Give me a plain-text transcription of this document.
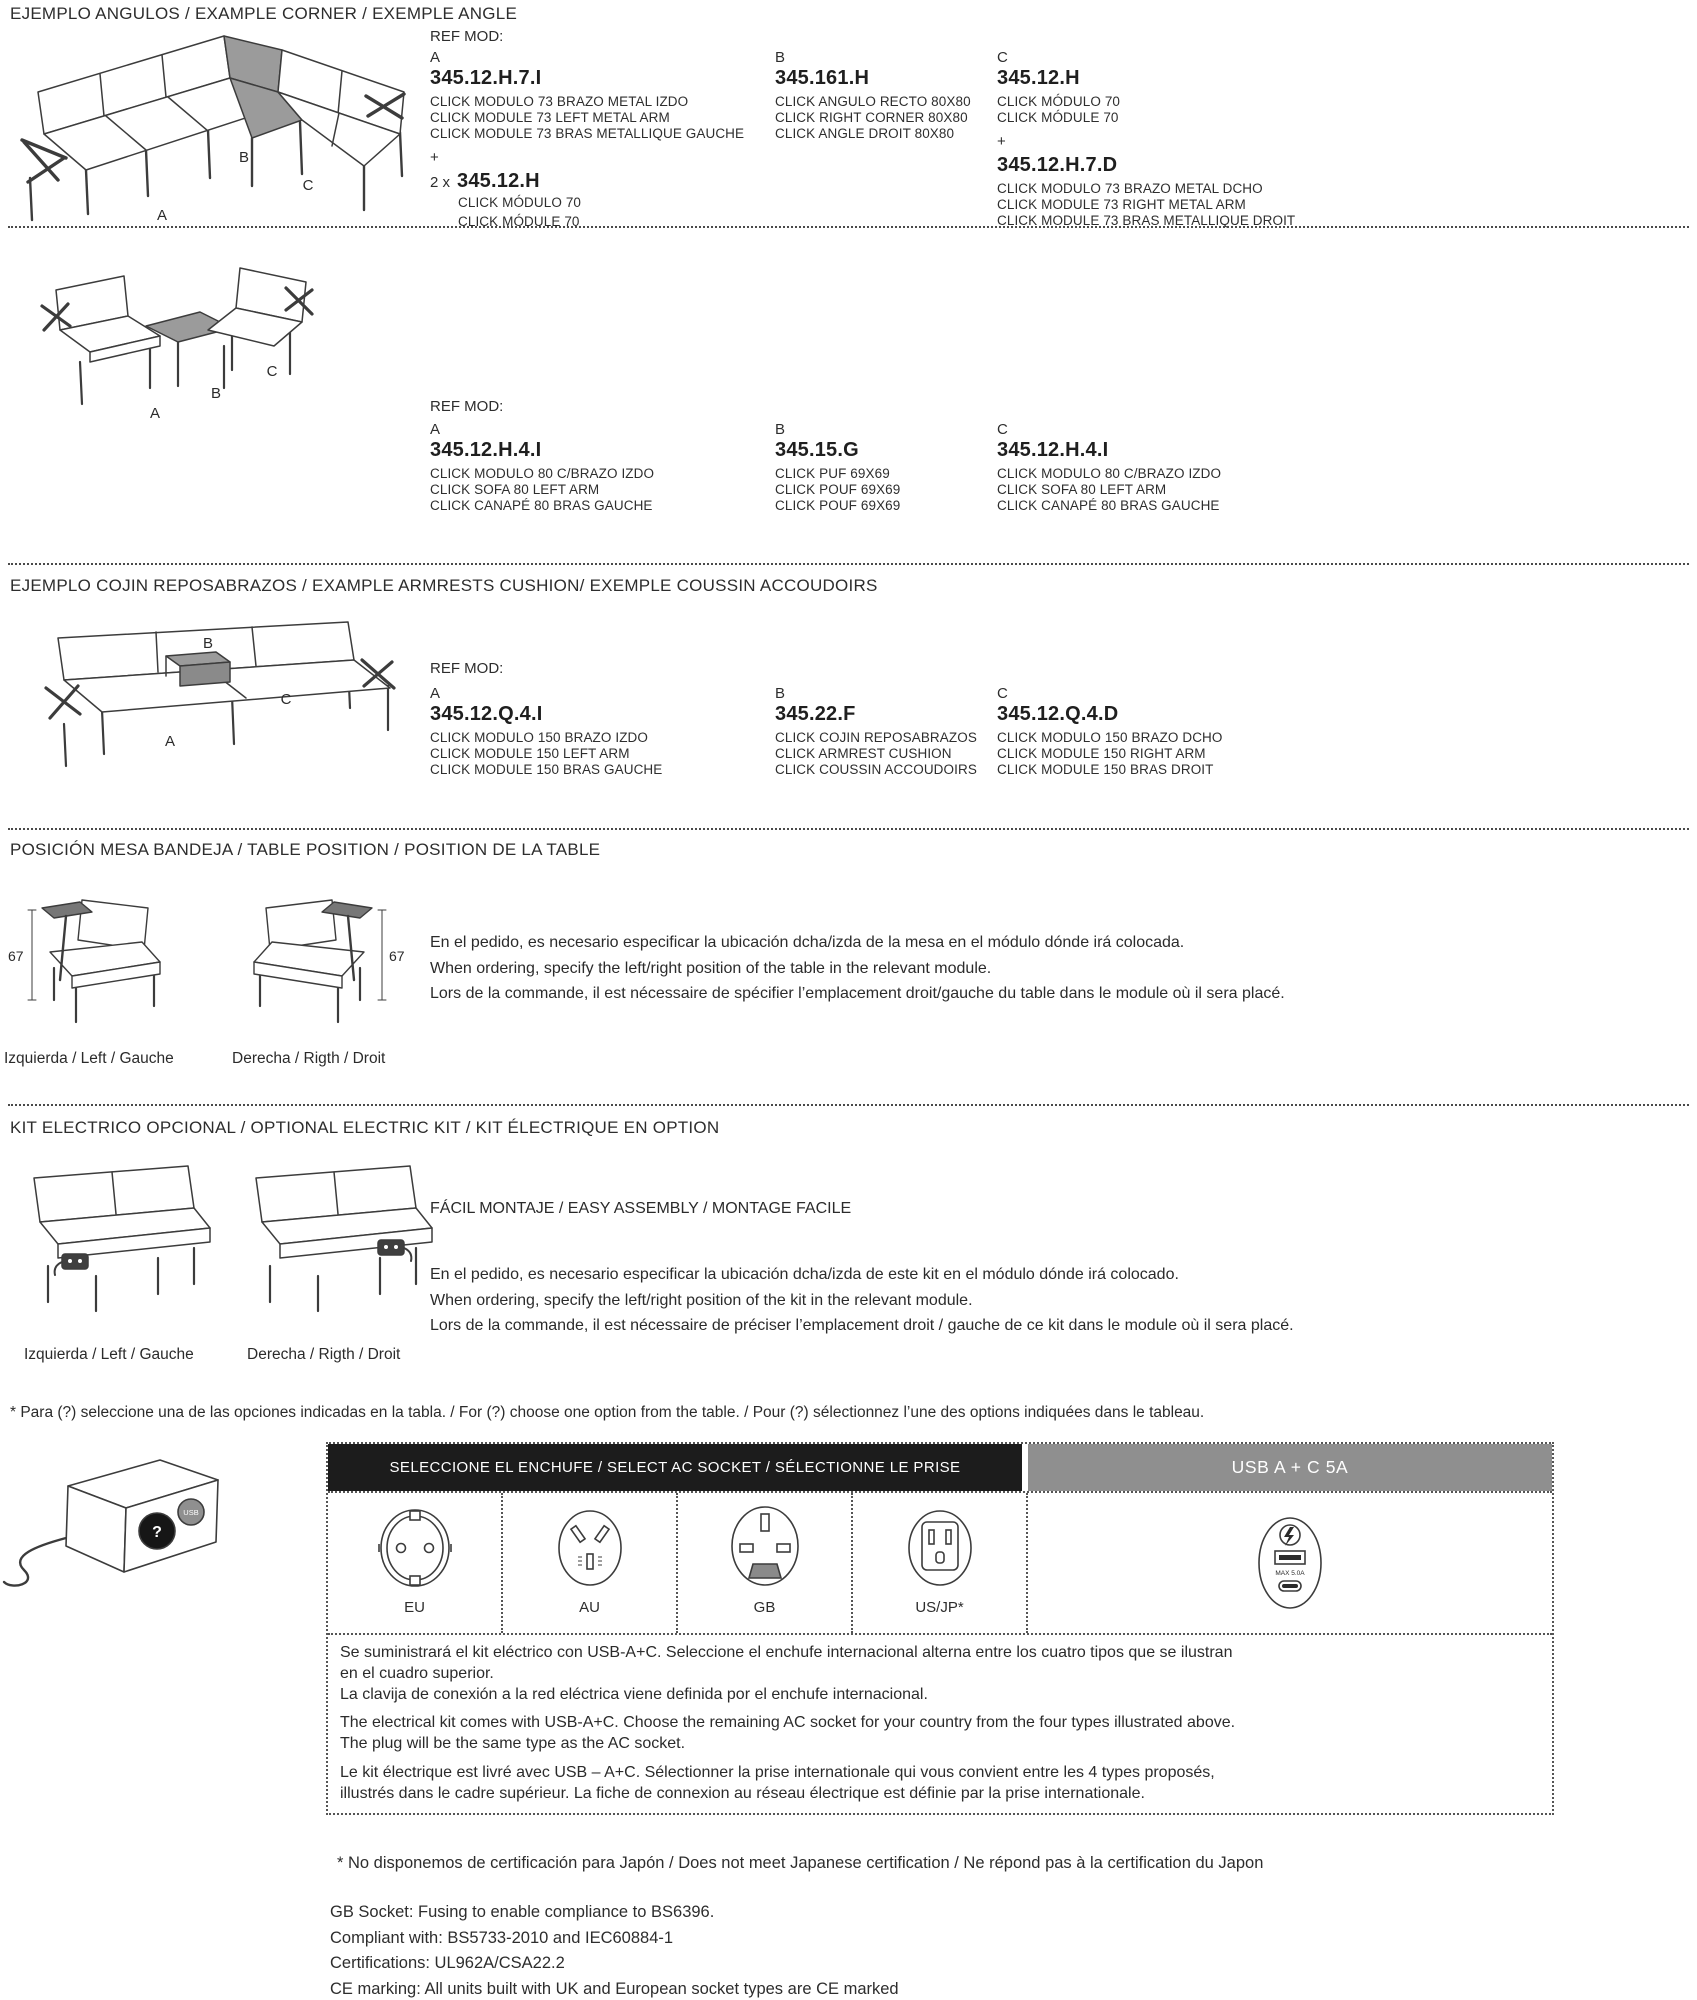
EJEMPLO ANGULOS / EXAMPLE CORNER / EXEMPLE ANGLE
A
B
C
REF MOD:
A
345.12.H.7.I
CLICK MODULO 73 BRAZO METAL IZDO
CLICK MODULE 73 LEFT METAL ARM
CLICK MODULE 73 BRAS METALLIQUE GAUCHE
+
2 x 345.12.H
CLICK MÓDULO 70
CLICK MÓDULE 70
B
345.161.H
CLICK ANGULO RECTO 80X80
CLICK RIGHT CORNER 80X80
CLICK ANGLE DROIT 80X80
C
345.12.H
CLICK MÓDULO 70
CLICK MÓDULE 70
+
345.12.H.7.D
CLICK MODULO 73 BRAZO METAL DCHO
CLICK MODULE 73 RIGHT METAL ARM
CLICK MODULE 73 BRAS METALLIQUE DROIT
A
B
C
REF MOD:
A
345.12.H.4.I
CLICK MODULO 80 C/BRAZO IZDO
CLICK SOFA 80 LEFT ARM
CLICK CANAPÉ 80 BRAS GAUCHE
B
345.15.G
CLICK PUF 69X69
CLICK POUF 69X69
CLICK POUF 69X69
C
345.12.H.4.I
CLICK MODULO 80 C/BRAZO IZDO
CLICK SOFA 80 LEFT ARM
CLICK CANAPÉ 80 BRAS GAUCHE
EJEMPLO COJIN REPOSABRAZOS / EXAMPLE ARMRESTS CUSHION/ EXEMPLE COUSSIN ACCOUDOIRS
B
C
A
REF MOD:
A
345.12.Q.4.I
CLICK MODULO 150 BRAZO IZDO
CLICK MODULE 150 LEFT ARM
CLICK MODULE 150 BRAS GAUCHE
B
345.22.F
CLICK COJIN REPOSABRAZOS
CLICK ARMREST CUSHION
CLICK COUSSIN ACCOUDOIRS
C
345.12.Q.4.D
CLICK MODULO 150 BRAZO DCHO
CLICK MODULE 150 RIGHT ARM
CLICK MODULE 150 BRAS DROIT
POSICIÓN MESA BANDEJA / TABLE POSITION / POSITION DE LA TABLE
67	67
Izquierda / Left / Gauche	Derecha / Rigth / Droit
En el pedido, es necesario especificar la ubicación dcha/izda de la mesa en el módulo dónde irá colocada.
When ordering, specify the left/right position of the table in the relevant module.
Lors de la commande, il est nécessaire de spécifier l’emplacement droit/gauche du table dans le module où il sera placé.
KIT ELECTRICO OPCIONAL / OPTIONAL ELECTRIC KIT / KIT ÉLECTRIQUE EN OPTION
Izquierda / Left / Gauche	Derecha / Rigth / Droit
FÁCIL MONTAJE / EASY ASSEMBLY / MONTAGE FACILE
En el pedido, es necesario especificar la ubicación dcha/izda de este kit en el módulo dónde irá colocado.
When ordering, specify the left/right position of the kit in the relevant module.
Lors de la commande, il est nécessaire de préciser l’emplacement droit / gauche de ce kit dans le module où il sera placé.
* Para (?) seleccione una de las opciones indicadas en la tabla. / For (?) choose one option from the table. / Pour (?) sélectionnez l’une des options indiquées dans le tableau.
?
USB
SELECCIONE EL ENCHUFE / SELECT AC SOCKET / SÉLECTIONNE LE PRISE	USB A + C 5A
EU	AU	GB	US/JP*
MAX 5.0A
Se suministrará el kit eléctrico con USB-A+C. Seleccione el enchufe internacional alterna entre los cuatro tipos que se ilustran
en el cuadro superior.
La clavija de conexión a la red eléctrica viene definida por el enchufe internacional.
The electrical kit comes with USB-A+C. Choose the remaining AC socket for your country from the four types illustrated above.
The plug will be the same type as the AC socket.
Le kit électrique est livré avec USB – A+C. Sélectionner la prise internationale qui vous convient entre les 4 types proposés,
illustrés dans le cadre supérieur. La fiche de connexion au réseau électrique est définie par la prise internationale.
* No disponemos de certificación para Japón / Does not meet Japanese certification / Ne répond pas à la certification du Japon
GB Socket: Fusing to enable compliance to BS6396.
Compliant with: BS5733-2010 and IEC60884-1
Certifications: UL962A/CSA22.2
CE marking: All units built with UK and European socket types are CE marked
